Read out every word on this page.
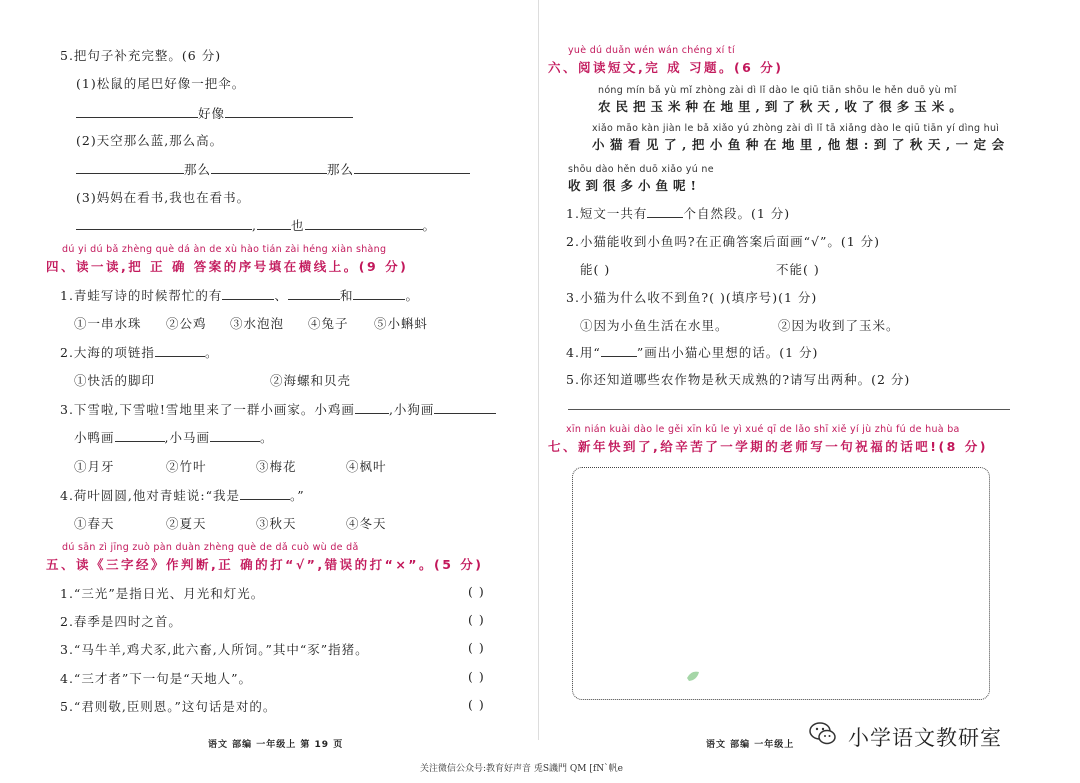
5.把句子补充完整。(6 分)
(1)松鼠的尾巴好像一把伞。
好像
(2)天空那么蓝,那么高。
那么	那么
(3)妈妈在看书,我也在看书。
,	也	。
dú yi dú bǎ zhèng què dá àn de xù hào tián zài héng xiàn shàng
四、读一读,把 正 确 答案的序号填在横线上。(9 分)
1.青蛙写诗的时候帮忙的有	、	和	。
①一串水珠 ②公鸡 ③水泡泡 ④兔子 ⑤小蝌蚪
2.大海的项链指	。
①快活的脚印	②海螺和贝壳
3.下雪啦,下雪啦!雪地里来了一群小画家。小鸡画	,小狗画
小鸭画	,小马画	。
①月牙	②竹叶	③梅花	④枫叶
4.荷叶圆圆,他对青蛙说:“我是	。”
①春天	②夏天	③秋天	④冬天
dú sān zì jīng zuò pàn duàn zhèng què de dǎ cuò wù de dǎ
五、读《三字经》作判断,正 确的打“√”,错误的打“×”。(5 分)
1.“三光”是指日光、月光和灯光。	( )
2.春季是四时之首。	( )
3.“马牛羊,鸡犬豕,此六畜,人所饲。”其中“豕”指猪。	( )
4.“三才者”下一句是“天地人”。	( )
5.“君则敬,臣则恩。”这句话是对的。	( )
语文 部编 一年级上 第 19 页
yuè dú duǎn wén wán chéng xí tí
六、阅读短文,完 成 习题。(6 分)
nóng mín bǎ yù mǐ zhòng zài dì lǐ dào le qiū tiān shōu le hěn duō yù mǐ
农民把玉米种在地里,到了秋天,收了很多玉米。
xiǎo māo kàn jiàn le bǎ xiǎo yú zhòng zài dì lǐ tā xiǎng dào le qiū tiān yí dìng huì
小猫看见了,把小鱼种在地里,他想:到了秋天,一定会
shōu dào hěn duō xiǎo yú ne
收到很多小鱼呢!
1.短文一共有	个自然段。(1 分)
2.小猫能收到小鱼吗?在正确答案后面画“√”。(1 分)
能( )	不能( )
3.小猫为什么收不到鱼?( )(填序号)(1 分)
①因为小鱼生活在水里。	②因为收到了玉米。
4.用“	”画出小猫心里想的话。(1 分)
5.你还知道哪些农作物是秋天成熟的?请写出两种。(2 分)
xīn nián kuài dào le gěi xīn kǔ le yì xué qī de lǎo shī xiě yí jù zhù fú de huà ba
七、新年快到了,给辛苦了一学期的老师写一句祝福的话吧!(8 分)
语文 部编 一年级上
关注微信公众号:教育好声音 兎S譏門 QM [fN`帆e
小学语文教研室
